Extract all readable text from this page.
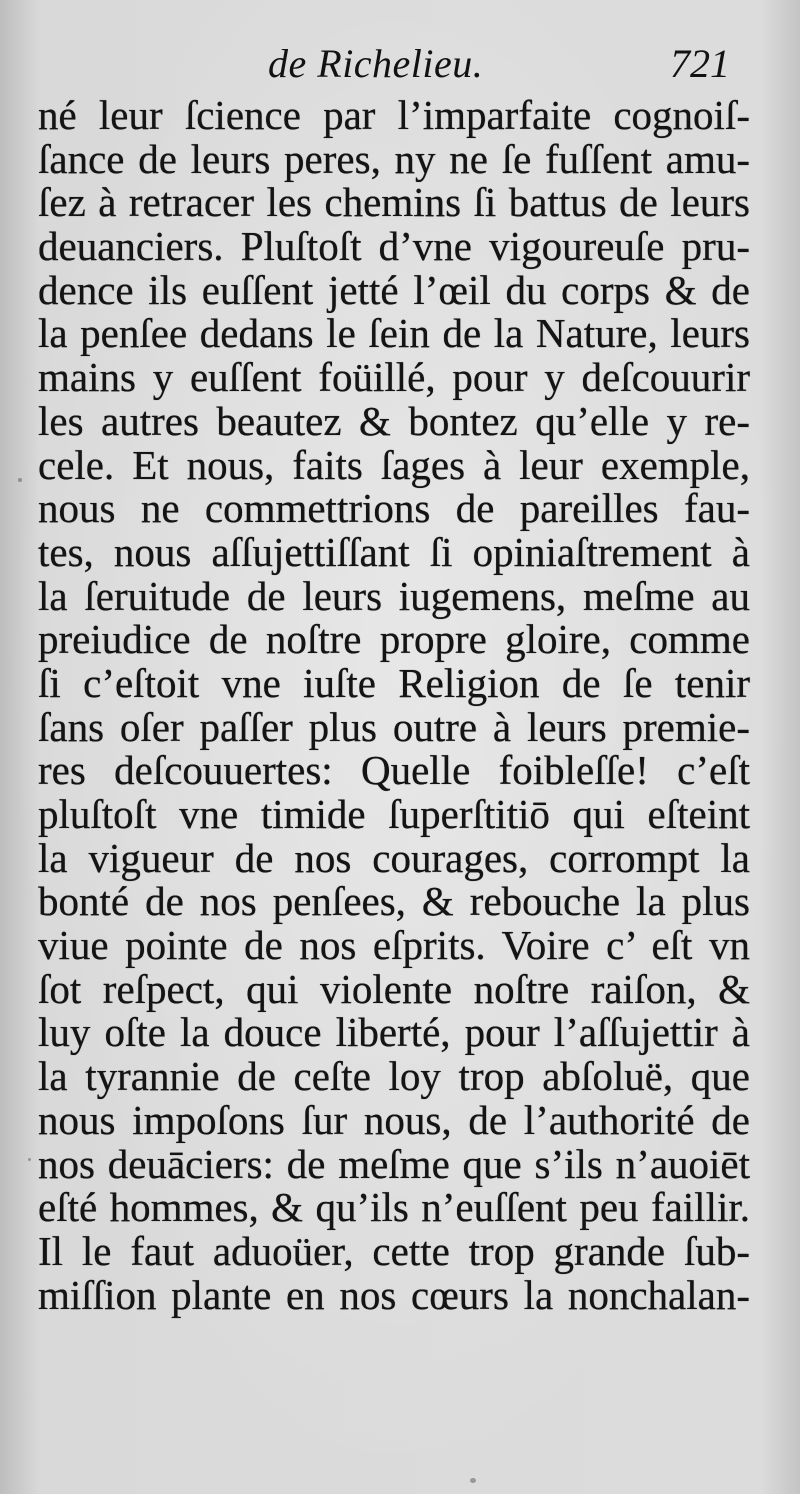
de Richelieu.	721
né leur ſcience par l’imparfaite cognoiſ-
ſance de leurs peres, ny ne ſe fuſſent amu-
ſez à retracer les chemins ſi battus de leurs
deuanciers. Pluſtoſt d’vne vigoureuſe pru-
dence ils euſſent jetté l’œil du corps & de
la penſee dedans le ſein de la Nature, leurs
mains y euſſent foüillé, pour y deſcouurir
les autres beautez & bontez qu’elle y re-
cele. Et nous, faits ſages à leur exemple,
nous ne commettrions de pareilles fau-
tes, nous aſſujettiſſant ſi opiniaſtrement à
la ſeruitude de leurs iugemens, meſme au
preiudice de noſtre propre gloire, comme
ſi c’eſtoit vne iuſte Religion de ſe tenir
ſans oſer paſſer plus outre à leurs premie-
res deſcouuertes: Quelle foibleſſe! c’eſt
pluſtoſt vne timide ſuperſtitiō qui eſteint
la vigueur de nos courages, corrompt la
bonté de nos penſees, & rebouche la plus
viue pointe de nos eſprits. Voire c’ eſt vn
ſot reſpect, qui violente noſtre raiſon, &
luy oſte la douce liberté, pour l’aſſujettir à
la tyrannie de ceſte loy trop abſoluë, que
nous impoſons ſur nous, de l’authorité de
nos deuāciers: de meſme que s’ils n’auoiēt
eſté hommes, & qu’ils n’euſſent peu faillir.
Il le faut aduoüer, cette trop grande ſub-
miſſion plante en nos cœurs la nonchalan-
